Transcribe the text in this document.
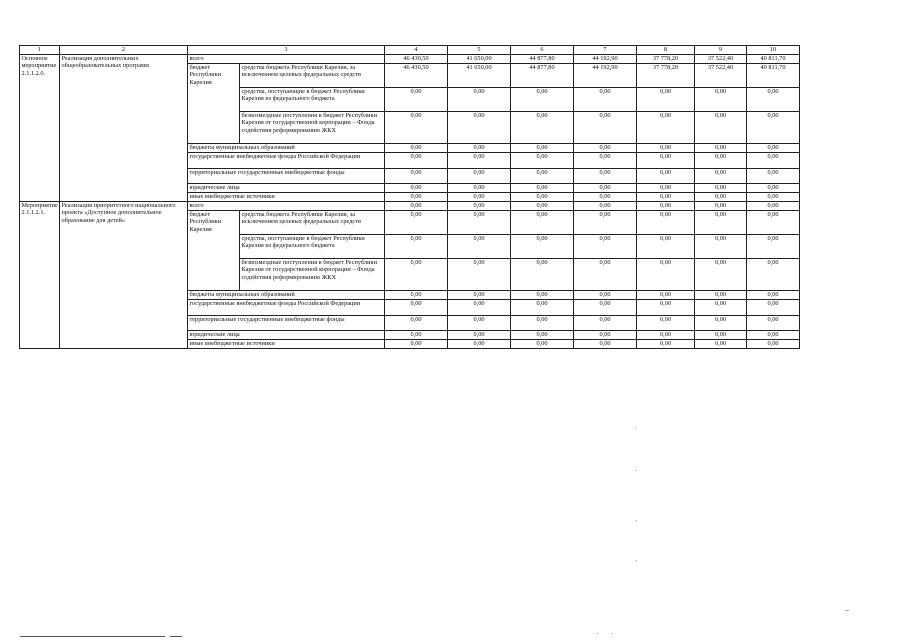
1	2	3		4	5	6	7	8	9	10
Основное мероприятие 2.1.1.2.0.	Реализация дополнительных общеобразовательных программ	всего		46 430,50	41 650,00	44 877,80	44 192,90	37 778,20	37 522,40	40 811,70
		бюджет Республики Карелия	средства бюджета Республики Карелия, за исключением целевых федеральных средств	46 430,50	41 650,00	44 877,80	44 192,90	37 778,20	37 522,40	40 811,70
			средства, поступающие в бюджет Республики Карелия из федерального бюджета	0,00	0,00	0,00	0,00	0,00	0,00	0,00
			безвозмездные поступления в бюджет Республики Карелия от государственной корпорации – Фонда содействия реформированию ЖКХ	0,00	0,00	0,00	0,00	0,00	0,00	0,00
		бюджеты муниципальных образований		0,00	0,00	0,00	0,00	0,00	0,00	0,00
		государственные внебюджетные фонды Российской Федерации		0,00	0,00	0,00	0,00	0,00	0,00	0,00
		территориальные государственные внебюджетные фонды		0,00	0,00	0,00	0,00	0,00	0,00	0,00
		юридические лица		0,00	0,00	0,00	0,00	0,00	0,00	0,00
		иные внебюджетные источники		0,00	0,00	0,00	0,00	0,00	0,00	0,00
Мероприятие 2.1.1.2.1.	Реализация приоритетного национального проекта «Доступное дополнительное образование для детей»	всего		0,00	0,00	0,00	0,00	0,00	0,00	0,00
		бюджет Республики Карелия	средства бюджета Республики Карелия, за исключением целевых федеральных средств	0,00	0,00	0,00	0,00	0,00	0,00	0,00
			средства, поступающие в бюджет Республики Карелия из федерального бюджета	0,00	0,00	0,00	0,00	0,00	0,00	0,00
			безвозмездные поступления в бюджет Республики Карелия от государственной корпорации – Фонда содействия реформированию ЖКХ	0,00	0,00	0,00	0,00	0,00	0,00	0,00
		бюджеты муниципальных образований		0,00	0,00	0,00	0,00	0,00	0,00	0,00
		государственные внебюджетные фонды Российской Федерации		0,00	0,00	0,00	0,00	0,00	0,00	0,00
		территориальные государственные внебюджетные фонды		0,00	0,00	0,00	0,00	0,00	0,00	0,00
		юридические лица		0,00	0,00	0,00	0,00	0,00	0,00	0,00
		иные внебюджетные источники		0,00	0,00	0,00	0,00	0,00	0,00	0,00
